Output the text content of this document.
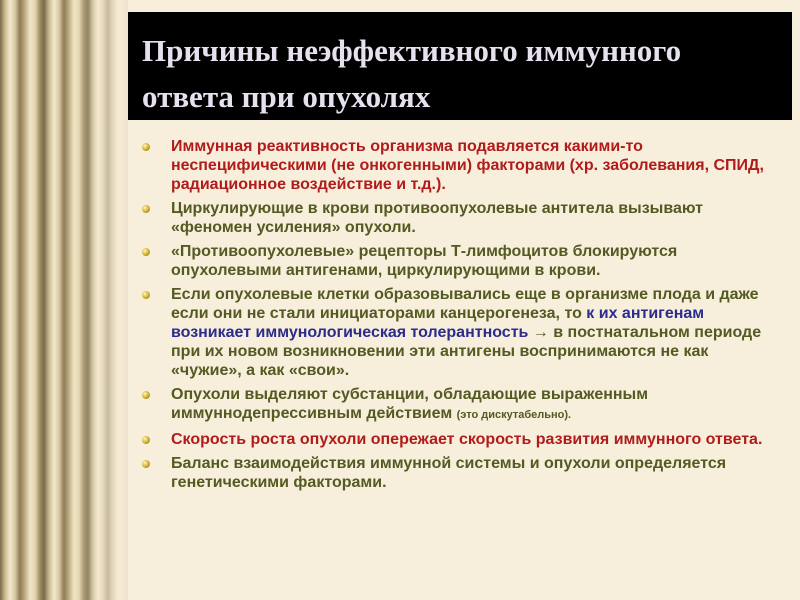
Причины неэффективного иммунного ответа при опухолях
Иммунная реактивность организма подавляется какими-то неспецифическими (не онкогенными) факторами (хр. заболевания, СПИД, радиационное воздействие и т.д.).
Циркулирующие в крови противоопухолевые антитела вызывают «феномен усиления» опухоли.
«Противоопухолевые» рецепторы Т-лимфоцитов блокируются опухолевыми антигенами, циркулирующими в крови.
Если опухолевые клетки образовывались еще в организме плода и даже если они не стали инициаторами канцерогенеза, то к их антигенам возникает иммунологическая толерантность → в постнатальном периоде при их новом возникновении эти антигены воспринимаются не как «чужие», а как «свои».
Опухоли выделяют субстанции, обладающие выраженным иммуннодепрессивным действием (это дискутабельно).
Скорость роста опухоли опережает скорость развития иммунного ответа.
Баланс взаимодействия иммунной системы и опухоли определяется генетическими факторами.
